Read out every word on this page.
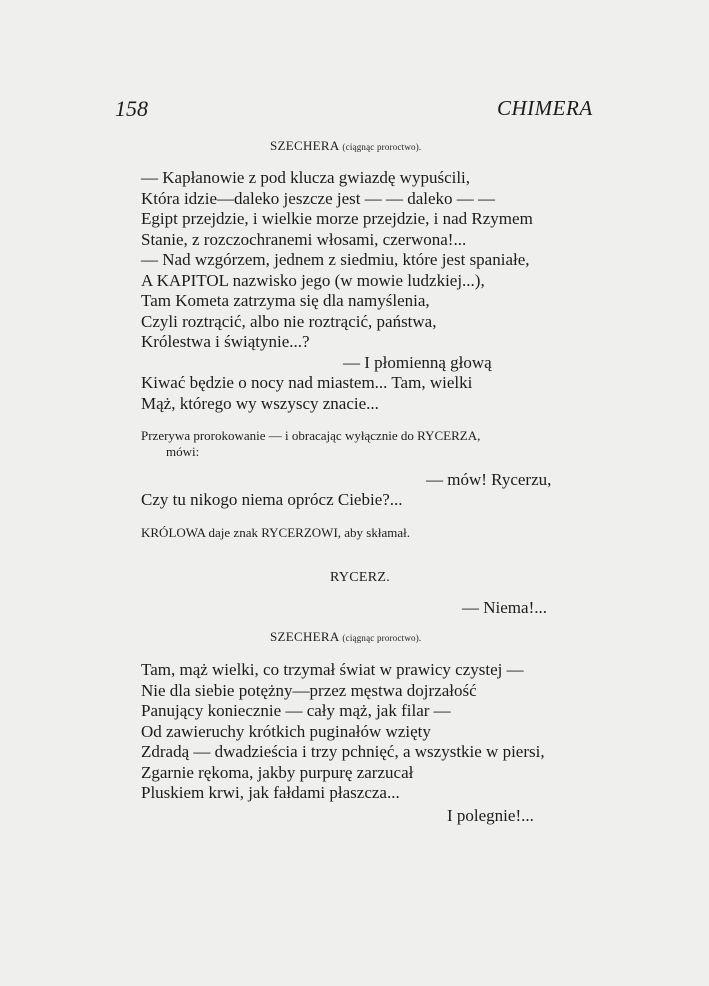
158	CHIMERA
SZECHERA (ciągnąc proroctwo).
— Kapłanowie z pod klucza gwiazdę wypuścili,
Która idzie—daleko jeszcze jest — — daleko — —
Egipt przejdzie, i wielkie morze przejdzie, i nad Rzymem
Stanie, z rozczochranemi włosami, czerwona!...
— Nad wzgórzem, jednem z siedmiu, które jest spaniałe,
A KAPITOL nazwisko jego (w mowie ludzkiej...),
Tam Kometa zatrzyma się dla namyślenia,
Czyli roztrącić, albo nie roztrącić, państwa,
Królestwa i świątynie...?
— I płomienną głową
Kiwać będzie o nocy nad miastem... Tam, wielki
Mąż, którego wy wszyscy znacie...
Przerywa prorokowanie — i obracając wyłącznie do RYCERZA,
mówi:
— mów! Rycerzu,
Czy tu nikogo niema oprócz Ciebie?...
KRÓLOWA daje znak RYCERZOWI, aby skłamał.
RYCERZ.
— Niema!...
SZECHERA (ciągnąc proroctwo).
Tam, mąż wielki, co trzymał świat w prawicy czystej —
Nie dla siebie potężny—przez męstwa dojrzałość
Panujący koniecznie — cały mąż, jak filar —
Od zawieruchy krótkich puginałów wzięty
Zdradą — dwadzieścia i trzy pchnięć, a wszystkie w piersi,
Zgarnie rękoma, jakby purpurę zarzucał
Pluskiem krwi, jak fałdami płaszcza...
I polegnie!...
